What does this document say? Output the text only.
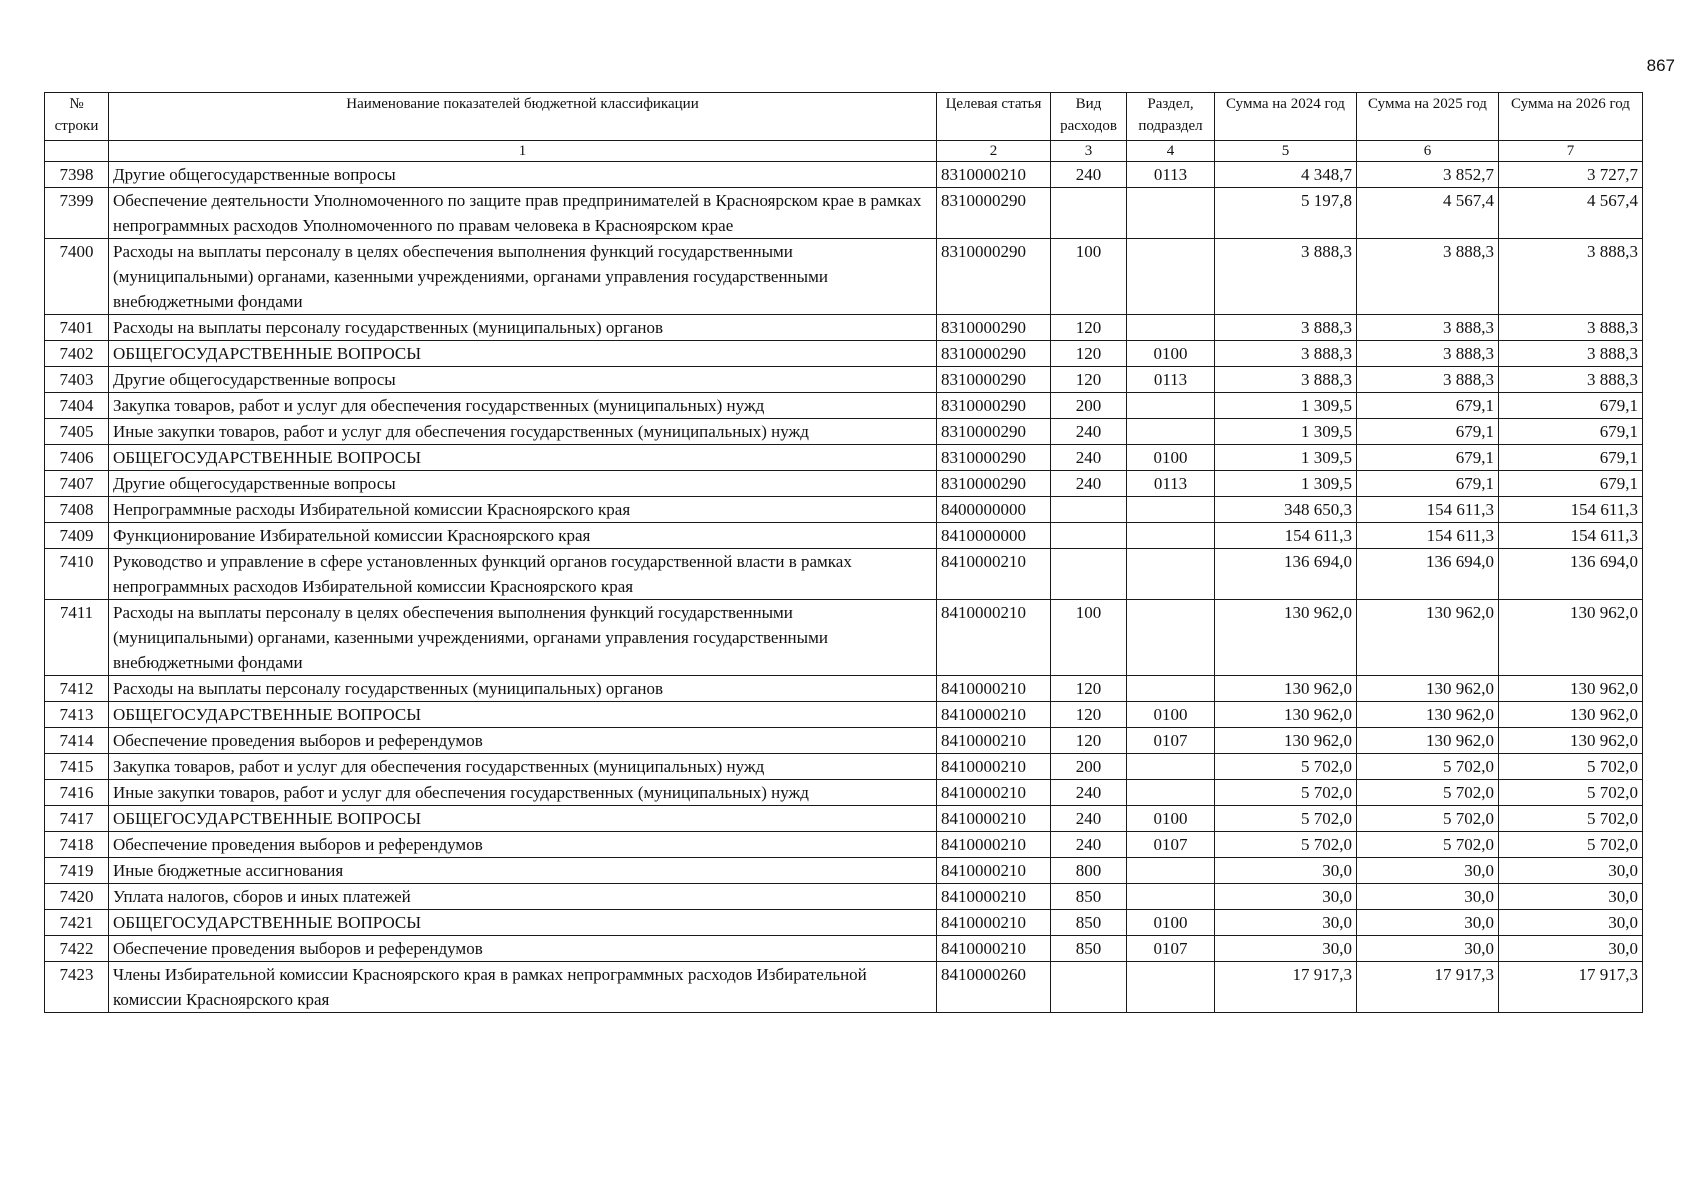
867
№ строки	Наименование показателей бюджетной классификации	Целевая статья	Вид расходов	Раздел, подраздел	Сумма на 2024 год	Сумма на 2025 год	Сумма на 2026 год
	1	2	3	4	5	6	7
7398	Другие общегосударственные вопросы	8310000210	240	0113	4 348,7	3 852,7	3 727,7
7399	Обеспечение деятельности Уполномоченного по защите прав предпринимателей в Красноярском крае в рамках непрограммных расходов Уполномоченного по правам человека в Красноярском крае	8310000290			5 197,8	4 567,4	4 567,4
7400	Расходы на выплаты персоналу в целях обеспечения выполнения функций государственными (муниципальными) органами, казенными учреждениями, органами управления государственными внебюджетными фондами	8310000290	100		3 888,3	3 888,3	3 888,3
7401	Расходы на выплаты персоналу государственных (муниципальных) органов	8310000290	120		3 888,3	3 888,3	3 888,3
7402	ОБЩЕГОСУДАРСТВЕННЫЕ ВОПРОСЫ	8310000290	120	0100	3 888,3	3 888,3	3 888,3
7403	Другие общегосударственные вопросы	8310000290	120	0113	3 888,3	3 888,3	3 888,3
7404	Закупка товаров, работ и услуг для обеспечения государственных (муниципальных) нужд	8310000290	200		1 309,5	679,1	679,1
7405	Иные закупки товаров, работ и услуг для обеспечения государственных (муниципальных) нужд	8310000290	240		1 309,5	679,1	679,1
7406	ОБЩЕГОСУДАРСТВЕННЫЕ ВОПРОСЫ	8310000290	240	0100	1 309,5	679,1	679,1
7407	Другие общегосударственные вопросы	8310000290	240	0113	1 309,5	679,1	679,1
7408	Непрограммные расходы Избирательной комиссии Красноярского края	8400000000			348 650,3	154 611,3	154 611,3
7409	Функционирование Избирательной комиссии Красноярского края	8410000000			154 611,3	154 611,3	154 611,3
7410	Руководство и управление в сфере установленных функций органов государственной власти в рамках непрограммных расходов Избирательной комиссии Красноярского края	8410000210			136 694,0	136 694,0	136 694,0
7411	Расходы на выплаты персоналу в целях обеспечения выполнения функций государственными (муниципальными) органами, казенными учреждениями, органами управления государственными внебюджетными фондами	8410000210	100		130 962,0	130 962,0	130 962,0
7412	Расходы на выплаты персоналу государственных (муниципальных) органов	8410000210	120		130 962,0	130 962,0	130 962,0
7413	ОБЩЕГОСУДАРСТВЕННЫЕ ВОПРОСЫ	8410000210	120	0100	130 962,0	130 962,0	130 962,0
7414	Обеспечение проведения выборов и референдумов	8410000210	120	0107	130 962,0	130 962,0	130 962,0
7415	Закупка товаров, работ и услуг для обеспечения государственных (муниципальных) нужд	8410000210	200		5 702,0	5 702,0	5 702,0
7416	Иные закупки товаров, работ и услуг для обеспечения государственных (муниципальных) нужд	8410000210	240		5 702,0	5 702,0	5 702,0
7417	ОБЩЕГОСУДАРСТВЕННЫЕ ВОПРОСЫ	8410000210	240	0100	5 702,0	5 702,0	5 702,0
7418	Обеспечение проведения выборов и референдумов	8410000210	240	0107	5 702,0	5 702,0	5 702,0
7419	Иные бюджетные ассигнования	8410000210	800		30,0	30,0	30,0
7420	Уплата налогов, сборов и иных платежей	8410000210	850		30,0	30,0	30,0
7421	ОБЩЕГОСУДАРСТВЕННЫЕ ВОПРОСЫ	8410000210	850	0100	30,0	30,0	30,0
7422	Обеспечение проведения выборов и референдумов	8410000210	850	0107	30,0	30,0	30,0
7423	Члены Избирательной комиссии Красноярского края в рамках непрограммных расходов Избирательной комиссии Красноярского края	8410000260			17 917,3	17 917,3	17 917,3
